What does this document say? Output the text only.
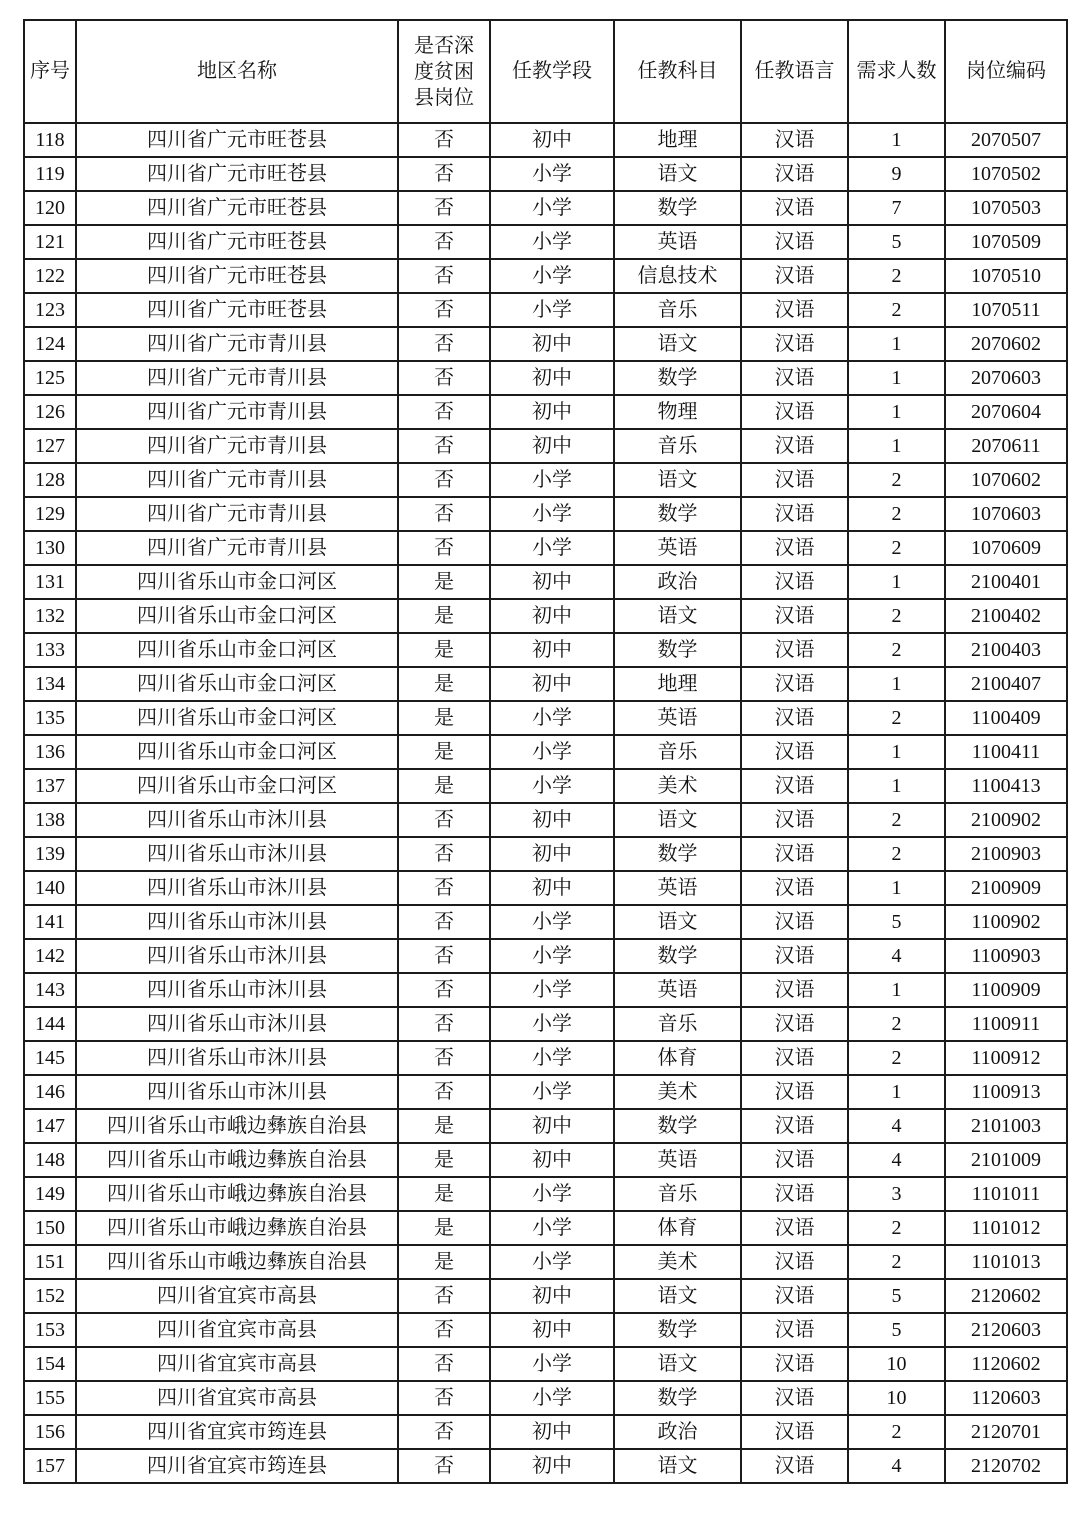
序号	地区名称	是否深度贫困县岗位	任教学段	任教科目	任教语言	需求人数	岗位编码
118	四川省广元市旺苍县	否	初中	地理	汉语	1	2070507
119	四川省广元市旺苍县	否	小学	语文	汉语	9	1070502
120	四川省广元市旺苍县	否	小学	数学	汉语	7	1070503
121	四川省广元市旺苍县	否	小学	英语	汉语	5	1070509
122	四川省广元市旺苍县	否	小学	信息技术	汉语	2	1070510
123	四川省广元市旺苍县	否	小学	音乐	汉语	2	1070511
124	四川省广元市青川县	否	初中	语文	汉语	1	2070602
125	四川省广元市青川县	否	初中	数学	汉语	1	2070603
126	四川省广元市青川县	否	初中	物理	汉语	1	2070604
127	四川省广元市青川县	否	初中	音乐	汉语	1	2070611
128	四川省广元市青川县	否	小学	语文	汉语	2	1070602
129	四川省广元市青川县	否	小学	数学	汉语	2	1070603
130	四川省广元市青川县	否	小学	英语	汉语	2	1070609
131	四川省乐山市金口河区	是	初中	政治	汉语	1	2100401
132	四川省乐山市金口河区	是	初中	语文	汉语	2	2100402
133	四川省乐山市金口河区	是	初中	数学	汉语	2	2100403
134	四川省乐山市金口河区	是	初中	地理	汉语	1	2100407
135	四川省乐山市金口河区	是	小学	英语	汉语	2	1100409
136	四川省乐山市金口河区	是	小学	音乐	汉语	1	1100411
137	四川省乐山市金口河区	是	小学	美术	汉语	1	1100413
138	四川省乐山市沐川县	否	初中	语文	汉语	2	2100902
139	四川省乐山市沐川县	否	初中	数学	汉语	2	2100903
140	四川省乐山市沐川县	否	初中	英语	汉语	1	2100909
141	四川省乐山市沐川县	否	小学	语文	汉语	5	1100902
142	四川省乐山市沐川县	否	小学	数学	汉语	4	1100903
143	四川省乐山市沐川县	否	小学	英语	汉语	1	1100909
144	四川省乐山市沐川县	否	小学	音乐	汉语	2	1100911
145	四川省乐山市沐川县	否	小学	体育	汉语	2	1100912
146	四川省乐山市沐川县	否	小学	美术	汉语	1	1100913
147	四川省乐山市峨边彝族自治县	是	初中	数学	汉语	4	2101003
148	四川省乐山市峨边彝族自治县	是	初中	英语	汉语	4	2101009
149	四川省乐山市峨边彝族自治县	是	小学	音乐	汉语	3	1101011
150	四川省乐山市峨边彝族自治县	是	小学	体育	汉语	2	1101012
151	四川省乐山市峨边彝族自治县	是	小学	美术	汉语	2	1101013
152	四川省宜宾市高县	否	初中	语文	汉语	5	2120602
153	四川省宜宾市高县	否	初中	数学	汉语	5	2120603
154	四川省宜宾市高县	否	小学	语文	汉语	10	1120602
155	四川省宜宾市高县	否	小学	数学	汉语	10	1120603
156	四川省宜宾市筠连县	否	初中	政治	汉语	2	2120701
157	四川省宜宾市筠连县	否	初中	语文	汉语	4	2120702
